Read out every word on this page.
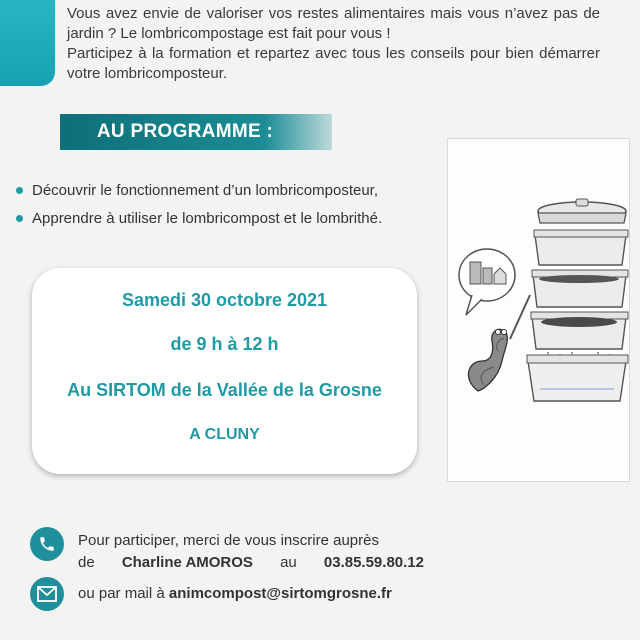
Vous avez envie de valoriser vos restes alimentaires mais vous n’avez pas de jardin ? Le lombricompostage est fait pour vous !

Participez à la formation et repartez avec tous les conseils pour bien démarrer votre lombricomposteur.

AU PROGRAMME :
Découvrir le fonctionnement d’un lombricomposteur,
Apprendre à utiliser le lombricompost et le lombrithé.
Samedi 30 octobre 2021
de 9 h à 12 h
Au SIRTOM de la Vallée de la Grosne
A CLUNY
Pour participer, merci de vous inscrire auprès
de Charline AMOROS au 03.85.59.80.12
ou par mail à animcompost@sirtomgrosne.fr
